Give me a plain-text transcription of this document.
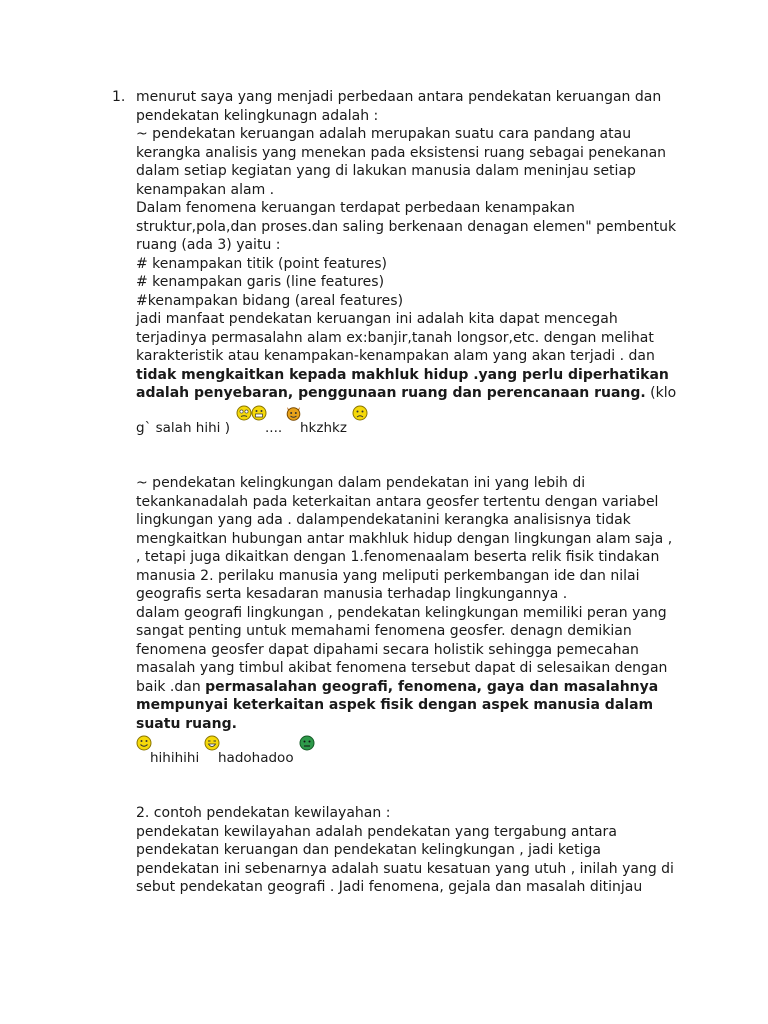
1. menurut saya yang menjadi perbedaan antara pendekatan keruangan dan
pendekatan kelingkunagn adalah :
~ pendekatan keruangan adalah merupakan suatu cara pandang atau
kerangka analisis yang menekan pada eksistensi ruang sebagai penekanan
dalam setiap kegiatan yang di lakukan manusia dalam meninjau setiap
kenampakan alam .
Dalam fenomena keruangan terdapat perbedaan kenampakan
struktur,pola,dan proses.dan saling berkenaan denagan elemen" pembentuk
ruang (ada 3) yaitu :
# kenampakan titik (point features)
# kenampakan garis (line features)
#kenampakan bidang (areal features)
jadi manfaat pendekatan keruangan ini adalah kita dapat mencegah
terjadinya permasalahn alam ex:banjir,tanah longsor,etc. dengan melihat
karakteristik atau kenampakan-kenampakan alam yang akan terjadi . dan
tidak mengkaitkan kepada makhluk hidup .yang perlu diperhatikan
adalah penyebaran, penggunaan ruang dan perencanaan ruang. (klo
g` salah hihi )	.... hkzhkz
~ pendekatan kelingkungan dalam pendekatan ini yang lebih di
tekankanadalah pada keterkaitan antara geosfer tertentu dengan variabel
lingkungan yang ada . dalampendekatanini kerangka analisisnya tidak
mengkaitkan hubungan antar makhluk hidup dengan lingkungan alam saja ,
, tetapi juga dikaitkan dengan 1.fenomenaalam beserta relik fisik tindakan
manusia 2. perilaku manusia yang meliputi perkembangan ide dan nilai
geografis serta kesadaran manusia terhadap lingkungannya .
dalam geografi lingkungan , pendekatan kelingkungan memiliki peran yang
sangat penting untuk memahami fenomena geosfer. denagn demikian
fenomena geosfer dapat dipahami secara holistik sehingga pemecahan
masalah yang timbul akibat fenomena tersebut dapat di selesaikan dengan
baik .dan permasalahan geografi, fenomena, gaya dan masalahnya
mempunyai keterkaitan aspek fisik dengan aspek manusia dalam
suatu ruang.
hihihihi hadohadoo
2. contoh pendekatan kewilayahan :
pendekatan kewilayahan adalah pendekatan yang tergabung antara
pendekatan keruangan dan pendekatan kelingkungan , jadi ketiga
pendekatan ini sebenarnya adalah suatu kesatuan yang utuh , inilah yang di
sebut pendekatan geografi . Jadi fenomena, gejala dan masalah ditinjau
